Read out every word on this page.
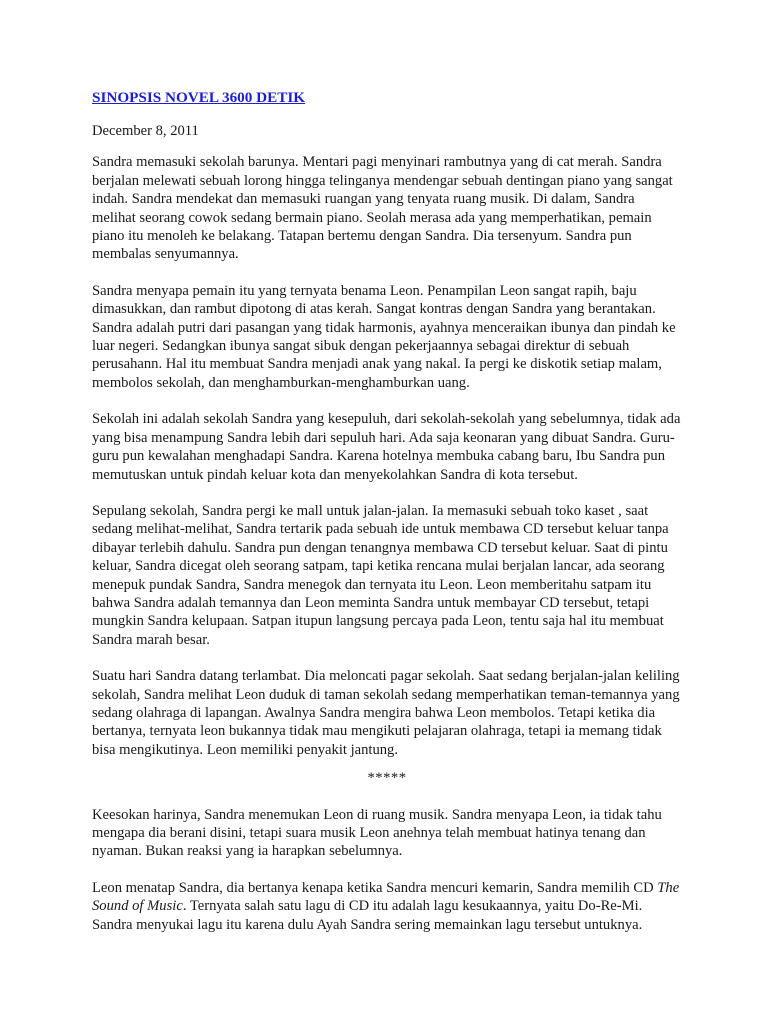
SINOPSIS NOVEL 3600 DETIK

December 8, 2011

Sandra memasuki sekolah barunya. Mentari pagi menyinari rambutnya yang di cat merah. Sandra berjalan melewati sebuah lorong hingga telinganya mendengar sebuah dentingan piano yang sangat indah. Sandra mendekat dan memasuki ruangan yang tenyata ruang musik. Di dalam, Sandra melihat seorang cowok sedang bermain piano. Seolah merasa ada yang memperhatikan, pemain piano itu menoleh ke belakang. Tatapan bertemu dengan Sandra. Dia tersenyum. Sandra pun membalas senyumannya.

Sandra menyapa pemain itu yang ternyata benama Leon. Penampilan Leon sangat rapih, baju dimasukkan, dan rambut dipotong di atas kerah. Sangat kontras dengan Sandra yang berantakan. Sandra adalah putri dari pasangan yang tidak harmonis, ayahnya menceraikan ibunya dan pindah ke luar negeri. Sedangkan ibunya sangat sibuk dengan pekerjaannya sebagai direktur di sebuah perusahann. Hal itu membuat Sandra menjadi anak yang nakal. Ia pergi ke diskotik setiap malam, membolos sekolah, dan menghamburkan-menghamburkan uang.

Sekolah ini adalah sekolah Sandra yang kesepuluh, dari sekolah-sekolah yang sebelumnya, tidak ada yang bisa menampung Sandra lebih dari sepuluh hari. Ada saja keonaran yang dibuat Sandra. Guru-guru pun kewalahan menghadapi Sandra. Karena hotelnya membuka cabang baru, Ibu Sandra pun memutuskan untuk pindah keluar kota dan menyekolahkan Sandra di kota tersebut.

Sepulang sekolah, Sandra pergi ke mall untuk jalan-jalan. Ia memasuki sebuah toko kaset , saat sedang melihat-melihat, Sandra tertarik pada sebuah ide untuk membawa CD tersebut keluar tanpa dibayar terlebih dahulu. Sandra pun dengan tenangnya membawa CD tersebut keluar. Saat di pintu keluar, Sandra dicegat oleh seorang satpam, tapi ketika rencana mulai berjalan lancar, ada seorang menepuk pundak Sandra, Sandra menegok dan ternyata itu Leon. Leon memberitahu satpam itu bahwa Sandra adalah temannya dan Leon meminta Sandra untuk membayar CD tersebut, tetapi mungkin Sandra kelupaan. Satpan itupun langsung percaya pada Leon, tentu saja hal itu membuat Sandra marah besar.

Suatu hari Sandra datang terlambat. Dia meloncati pagar sekolah. Saat sedang berjalan-jalan keliling sekolah, Sandra melihat Leon duduk di taman sekolah sedang memperhatikan teman-temannya yang sedang olahraga di lapangan. Awalnya Sandra mengira bahwa Leon membolos. Tetapi ketika dia bertanya, ternyata leon bukannya tidak mau mengikuti pelajaran olahraga, tetapi ia memang tidak bisa mengikutinya. Leon memiliki penyakit jantung.

*****

Keesokan harinya, Sandra menemukan Leon di ruang musik. Sandra menyapa Leon, ia tidak tahu mengapa dia berani disini, tetapi suara musik Leon anehnya telah membuat hatinya tenang dan nyaman. Bukan reaksi yang ia harapkan sebelumnya.

Leon menatap Sandra, dia bertanya kenapa ketika Sandra mencuri kemarin, Sandra memilih CD The Sound of Music. Ternyata salah satu lagu di CD itu adalah lagu kesukaannya, yaitu Do-Re-Mi. Sandra menyukai lagu itu karena dulu Ayah Sandra sering memainkan lagu tersebut untuknya.
